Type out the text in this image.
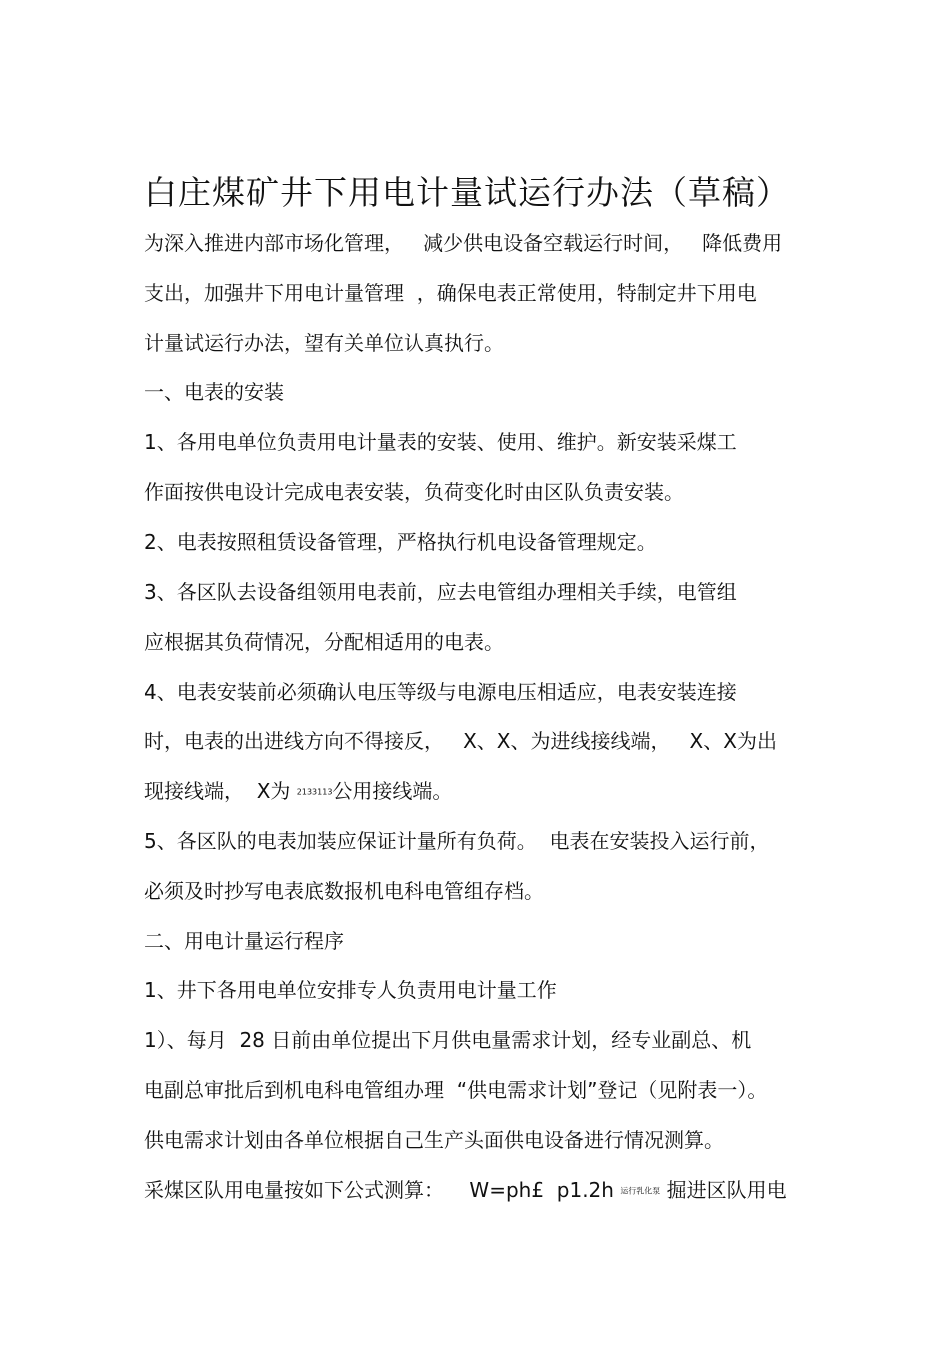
白庄煤矿井下用电计量试运行办法（草稿）
为深入推进内部市场化管理，   减少供电设备空载运行时间，   降低费用
支出，加强井下用电计量管理  ，确保电表正常使用，特制定井下用电
计量试运行办法，望有关单位认真执行。
一、电表的安装
1、各用电单位负责用电计量表的安装、使用、维护。新安装采煤工
作面按供电设计完成电表安装，负荷变化时由区队负责安装。
2、电表按照租赁设备管理，严格执行机电设备管理规定。
3、各区队去设备组领用电表前，应去电管组办理相关手续，电管组
应根据其负荷情况，分配相适用的电表。
4、电表安装前必须确认电压等级与电源电压相适应，电表安装连接
时，电表的出进线方向不得接反，   X、X、为进线接线端，   X、X为出
现接线端，  X为 2133113公用接线端。
5、各区队的电表加装应保证计量所有负荷。  电表在安装投入运行前，
必须及时抄写电表底数报机电科电管组存档。
二、用电计量运行程序
1、井下各用电单位安排专人负责用电计量工作
1）、每月  28 日前由单位提出下月供电量需求计划，经专业副总、机
电副总审批后到机电科电管组办理  “供电需求计划”登记（见附表一）。
供电需求计划由各单位根据自己生产头面供电设备进行情况测算。
采煤区队用电量按如下公式测算：    W=ph£  p1.2h 运行乳化泵 掘进区队用电
